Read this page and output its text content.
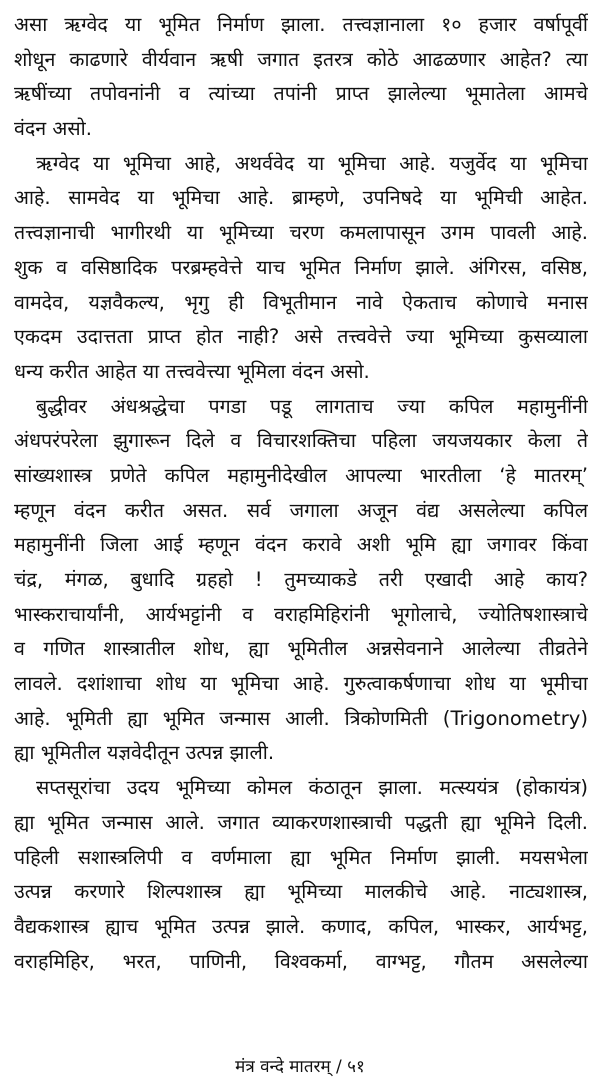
असा ऋग्वेद या भूमित निर्माण झाला. तत्त्वज्ञानाला १० हजार वर्षापूर्वी
शोधून काढणारे वीर्यवान ऋषी जगात इतरत्र कोठे आढळणार आहेत? त्या
ऋषींच्या तपोवनांनी व त्यांच्या तपांनी प्राप्त झालेल्या भूमातेला आमचे
वंदन असो.
ऋग्वेद या भूमिचा आहे, अथर्ववेद या भूमिचा आहे. यजुर्वेद या भूमिचा
आहे. सामवेद या भूमिचा आहे. ब्राम्हणे, उपनिषदे या भूमिची आहेत.
तत्त्वज्ञानाची भागीरथी या भूमिच्या चरण कमलापासून उगम पावली आहे.
शुक व वसिष्ठादिक परब्रम्हवेत्ते याच भूमित निर्माण झाले. अंगिरस, वसिष्ठ,
वामदेव, यज्ञवैकल्य, भृगु ही विभूतीमान नावे ऐकताच कोणाचे मनास
एकदम उदात्तता प्राप्त होत नाही? असे तत्त्ववेत्ते ज्या भूमिच्या कुसव्याला
धन्य करीत आहेत या तत्त्ववेत्त्या भूमिला वंदन असो.
बुद्धीवर अंधश्रद्धेचा पगडा पडू लागताच ज्या कपिल महामुनींनी
अंधपरंपरेला झुगारून दिले व विचारशक्तिचा पहिला जयजयकार केला ते
सांख्यशास्त्र प्रणेते कपिल महामुनीदेखील आपल्या भारतीला ‘हे मातरम्’
म्हणून वंदन करीत असत. सर्व जगाला अजून वंद्य असलेल्या कपिल
महामुनींनी जिला आई म्हणून वंदन करावे अशी भूमि ह्या जगावर किंवा
चंद्र, मंगळ, बुधादि ग्रहहो ! तुमच्याकडे तरी एखादी आहे काय?
भास्कराचार्यांनी, आर्यभट्टांनी व वराहमिहिरांनी भूगोलाचे, ज्योतिषशास्त्राचे
व गणित शास्त्रातील शोध, ह्या भूमितील अन्नसेवनाने आलेल्या तीव्रतेने
लावले. दशांशाचा शोध या भूमिचा आहे. गुरुत्वाकर्षणाचा शोध या भूमीचा
आहे. भूमिती ह्या भूमित जन्मास आली. त्रिकोणमिती (Trigonometry)
ह्या भूमितील यज्ञवेदीतून उत्पन्न झाली.
सप्तसूरांचा उदय भूमिच्या कोमल कंठातून झाला. मत्स्ययंत्र (होकायंत्र)
ह्या भूमित जन्मास आले. जगात व्याकरणशास्त्राची पद्धती ह्या भूमिने दिली.
पहिली सशास्त्रलिपी व वर्णमाला ह्या भूमित निर्माण झाली. मयसभेला
उत्पन्न करणारे शिल्पशास्त्र ह्या भूमिच्या मालकीचे आहे. नाट्यशास्त्र,
वैद्यकशास्त्र ह्याच भूमित उत्पन्न झाले. कणाद, कपिल, भास्कर, आर्यभट्ट,
वराहमिहिर, भरत, पाणिनी, विश्वकर्मा, वाग्भट्ट, गौतम असलेल्या
मंत्र वन्दे मातरम् / ५१
